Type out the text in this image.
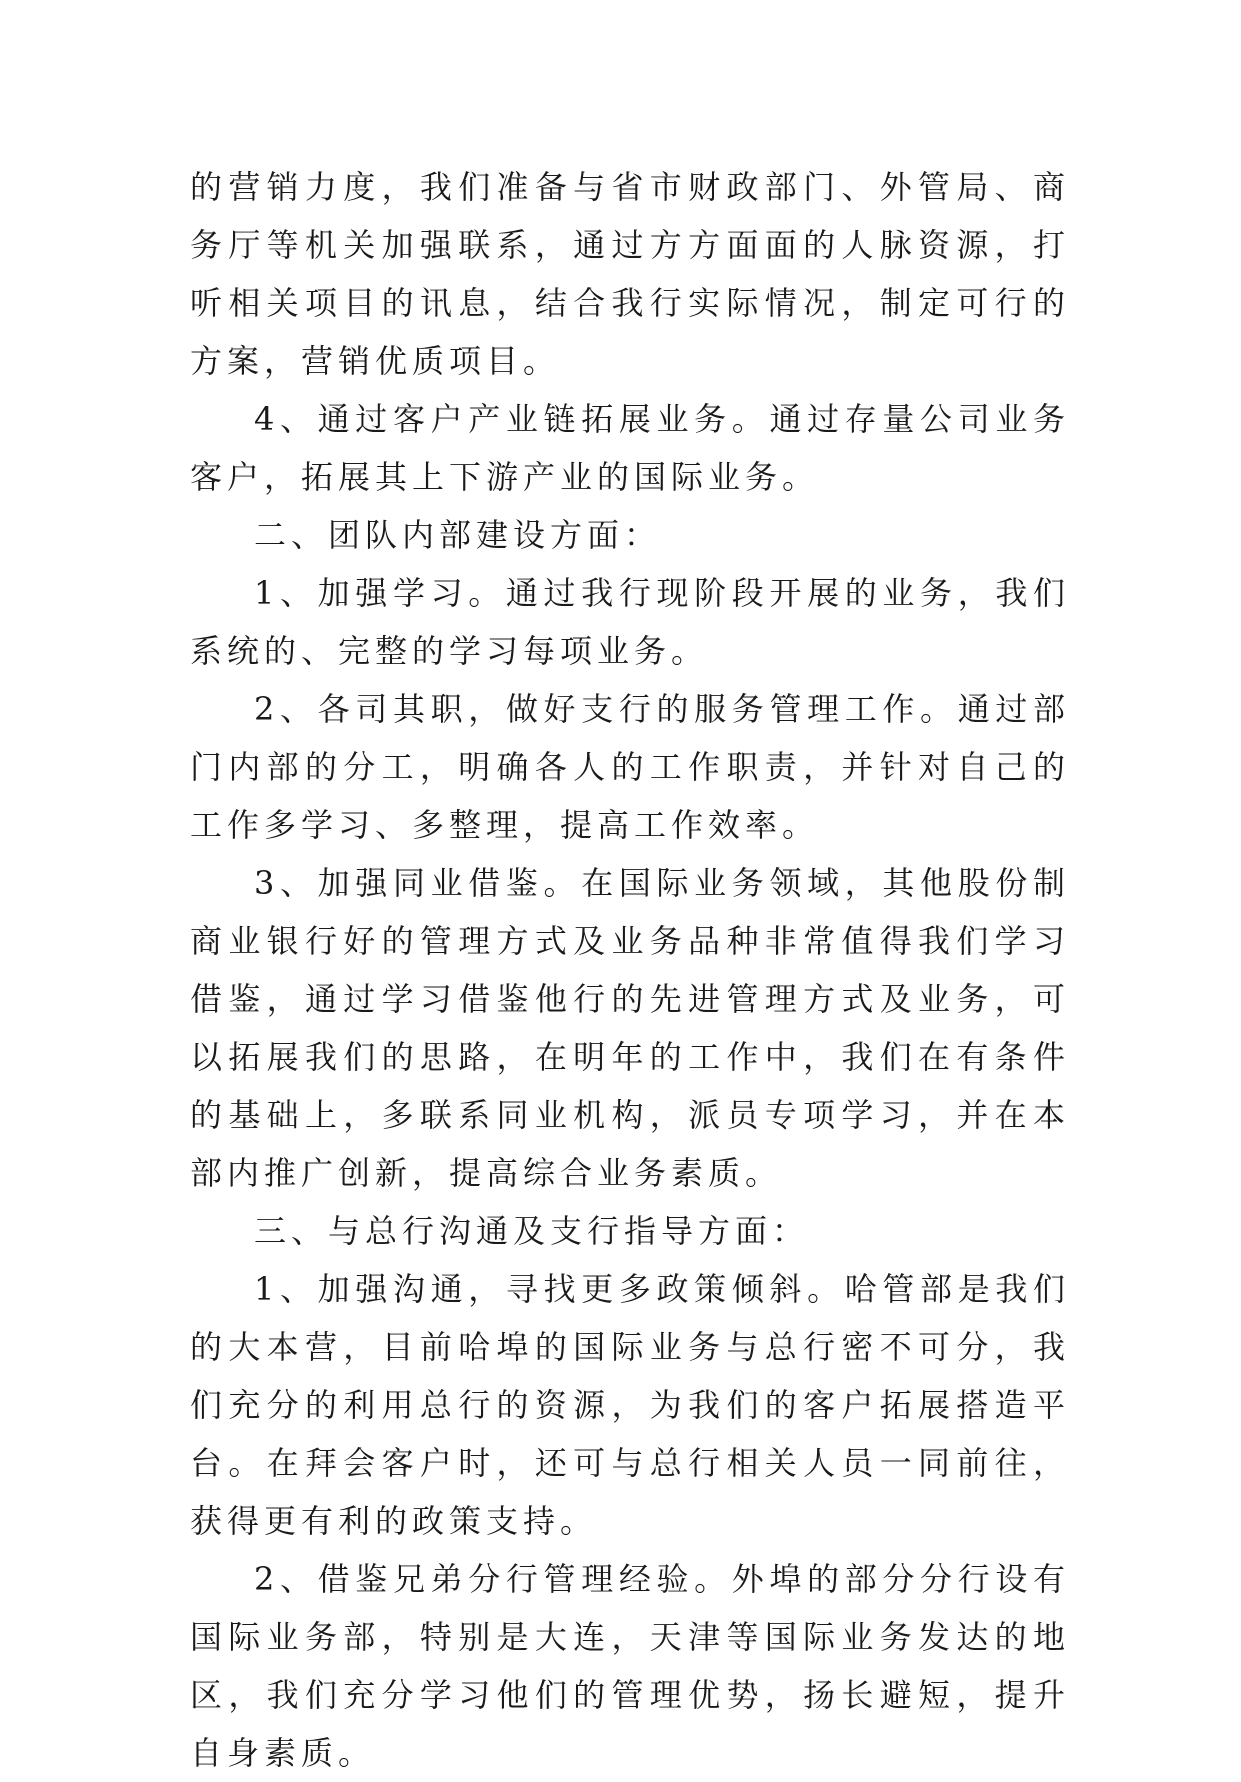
的营销力度，我们准备与省市财政部门、外管局、商务厅等机关加强联系，通过方方面面的人脉资源，打听相关项目的讯息，结合我行实际情况，制定可行的方案，营销优质项目。

4、通过客户产业链拓展业务。通过存量公司业务客户，拓展其上下游产业的国际业务。

二、团队内部建设方面：

1、加强学习。通过我行现阶段开展的业务，我们系统的、完整的学习每项业务。

2、各司其职，做好支行的服务管理工作。通过部门内部的分工，明确各人的工作职责，并针对自己的工作多学习、多整理，提高工作效率。

3、加强同业借鉴。在国际业务领域，其他股份制商业银行好的管理方式及业务品种非常值得我们学习借鉴，通过学习借鉴他行的先进管理方式及业务，可以拓展我们的思路，在明年的工作中，我们在有条件的基础上，多联系同业机构，派员专项学习，并在本部内推广创新，提高综合业务素质。

三、与总行沟通及支行指导方面：

1、加强沟通，寻找更多政策倾斜。哈管部是我们的大本营，目前哈埠的国际业务与总行密不可分，我们充分的利用总行的资源，为我们的客户拓展搭造平台。在拜会客户时，还可与总行相关人员一同前往，获得更有利的政策支持。

2、借鉴兄弟分行管理经验。外埠的部分分行设有国际业务部，特别是大连，天津等国际业务发达的地区，我们充分学习他们的管理优势，扬长避短，提升自身素质。
